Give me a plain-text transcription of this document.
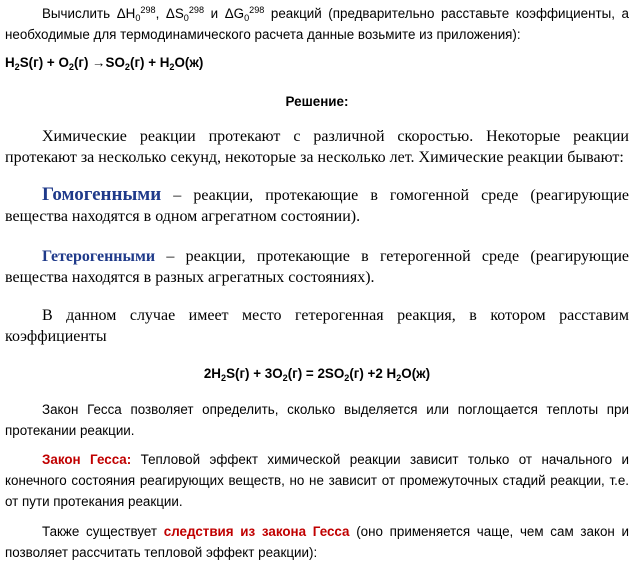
Вычислить $\Delta H_0^{298}$, $\Delta S_0^{298}$ и $\Delta G_0^{298}$ реакций (предварительно расставьте коэффициенты, а необходимые для термодинамического расчета данные возьмите из приложения):

$H_2S(г) + O_2(г) \to SO_2(г) + H_2O(ж)$

Решение:

Химические реакции протекают с различной скоростью. Некоторые реакции протекают за несколько секунд, некоторые за несколько лет. Химические реакции бывают:

Гомогенными – реакции, протекающие в гомогенной среде (реагирующие вещества находятся в одном агрегатном состоянии).

Гетерогенными – реакции, протекающие в гетерогенной среде (реагирующие вещества находятся в разных агрегатных состояниях).

В данном случае имеет место гетерогенная реакция, в котором расставим коэффициенты

$2H_2S(г) + 3O_2(г) = 2SO_2(г) +2$ $H_2O(ж)$

Закон Гесса позволяет определить, сколько выделяется или поглощается теплоты при протекании реакции.

Закон Гесса: Тепловой эффект химической реакции зависит только от начального и конечного состояния реагирующих веществ, но не зависит от промежуточных стадий реакции, т.е. от пути протекания реакции.

Также существует следствия из закона Гесса (оно применяется чаще, чем сам закон и позволяет рассчитать тепловой эффект реакции):
